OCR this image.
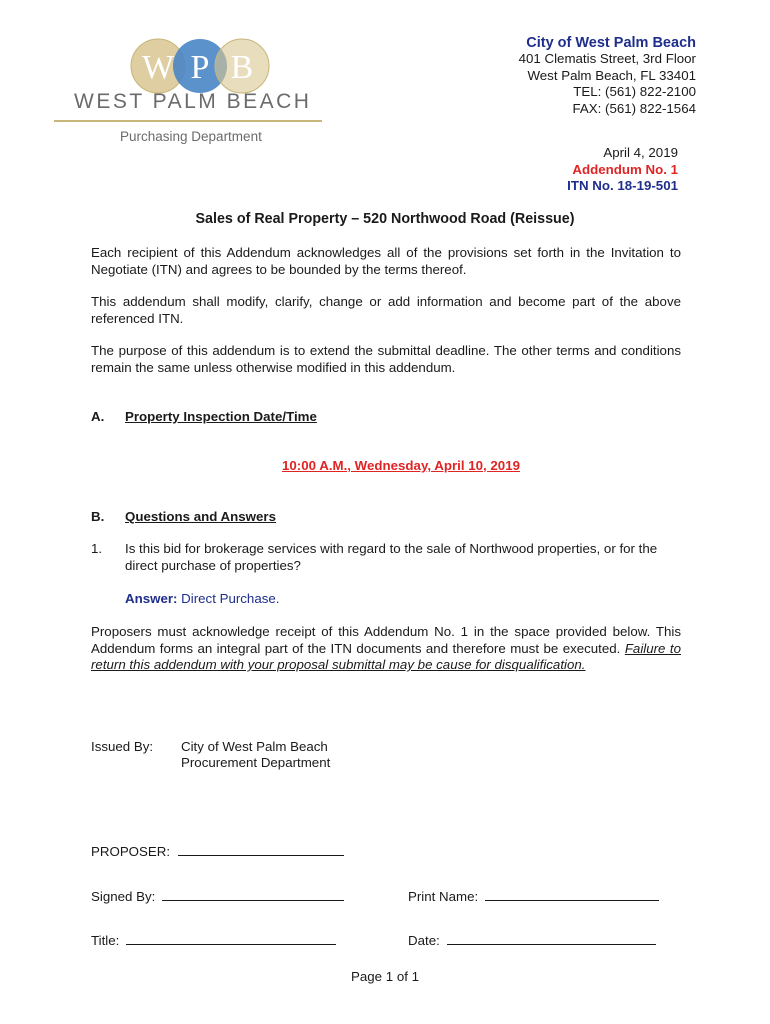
W P B
WEST PALM BEACH
Purchasing Department
City of West Palm Beach
401 Clematis Street, 3rd Floor
West Palm Beach, FL 33401
TEL: (561) 822-2100
FAX: (561) 822-1564
April 4, 2019
Addendum No. 1
ITN No. 18-19-501
Sales of Real Property – 520 Northwood Road (Reissue)
Each recipient of this Addendum acknowledges all of the provisions set forth in the Invitation to Negotiate (ITN) and agrees to be bounded by the terms thereof.
This addendum shall modify, clarify, change or add information and become part of the above referenced ITN.
The purpose of this addendum is to extend the submittal deadline. The other terms and conditions remain the same unless otherwise modified in this addendum.
A. Property Inspection Date/Time
10:00 A.M., Wednesday, April 10, 2019
B. Questions and Answers
1. Is this bid for brokerage services with regard to the sale of Northwood properties, or for the direct purchase of properties?
Answer: Direct Purchase.
Proposers must acknowledge receipt of this Addendum No. 1 in the space provided below. This Addendum forms an integral part of the ITN documents and therefore must be executed. Failure to return this addendum with your proposal submittal may be cause for disqualification.
Issued By: City of West Palm Beach
Procurement Department
PROPOSER:
Signed By:	Print Name:
Title:	Date:
Page 1 of 1
